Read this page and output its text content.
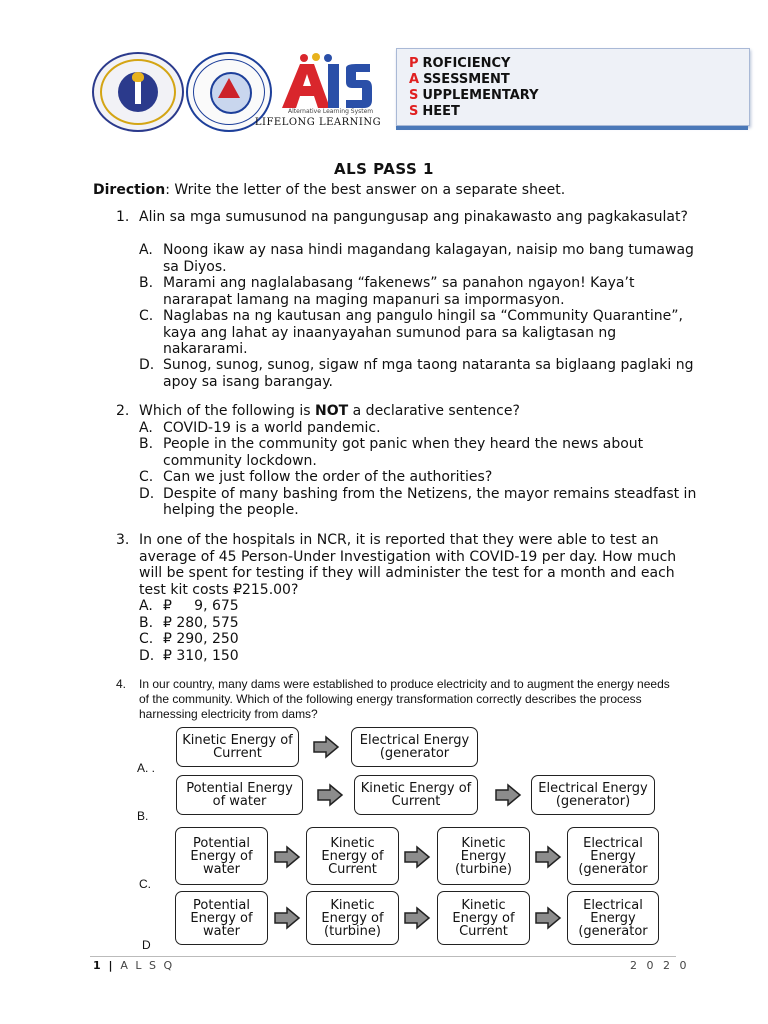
Alternative Learning System
LIFELONG LEARNING
P ROFICIENCY
A SSESSMENT
S UPPLEMENTARY
S HEET
ALS PASS 1
Direction: Write the letter of the best answer on a separate sheet.
1. Alin sa mga sumusunod na pangungusap ang pinakawasto ang pagkakasulat?
A. Noong ikaw ay nasa hindi magandang kalagayan, naisip mo bang tumawag sa Diyos.
B. Marami ang naglalabasang “fakenews” sa panahon ngayon! Kaya’t nararapat lamang na maging mapanuri sa impormasyon.
C. Naglabas na ng kautusan ang pangulo hingil sa “Community Quarantine”, kaya ang lahat ay inaanyayahan sumunod para sa kaligtasan ng nakararami.
D. Sunog, sunog, sunog, sigaw nf mga taong nataranta sa biglaang paglaki ng apoy sa isang barangay.
2. Which of the following is NOT a declarative sentence?
A. COVID-19 is a world pandemic.
B. People in the community got panic when they heard the news about community lockdown.
C. Can we just follow the order of the authorities?
D. Despite of many bashing from the Netizens, the mayor remains steadfast in helping the people.
3. In one of the hospitals in NCR, it is reported that they were able to test an average of 45 Person-Under Investigation with COVID-19 per day. How much will be spent for testing if they will administer the test for a month and each test kit costs ₽215.00?
A. ₽     9, 675
B. ₽ 280, 575
C. ₽ 290, 250
D. ₽ 310, 150
4. In our country, many dams were established to produce electricity and to augment the energy needs of the community. Which of the following energy transformation correctly describes the process harnessing electricity from dams?
Kinetic Energy of Current
Electrical Energy (generator
A. .
Potential Energy of water
Kinetic Energy of Current
Electrical Energy (generator)
B.
Potential Energy of water
Kinetic Energy of Current
Kinetic Energy (turbine)
Electrical Energy (generator
C.
Potential Energy of water
Kinetic Energy of (turbine)
Kinetic Energy of Current
Electrical Energy (generator
D
1 | A L S Q	2 0 2 0
